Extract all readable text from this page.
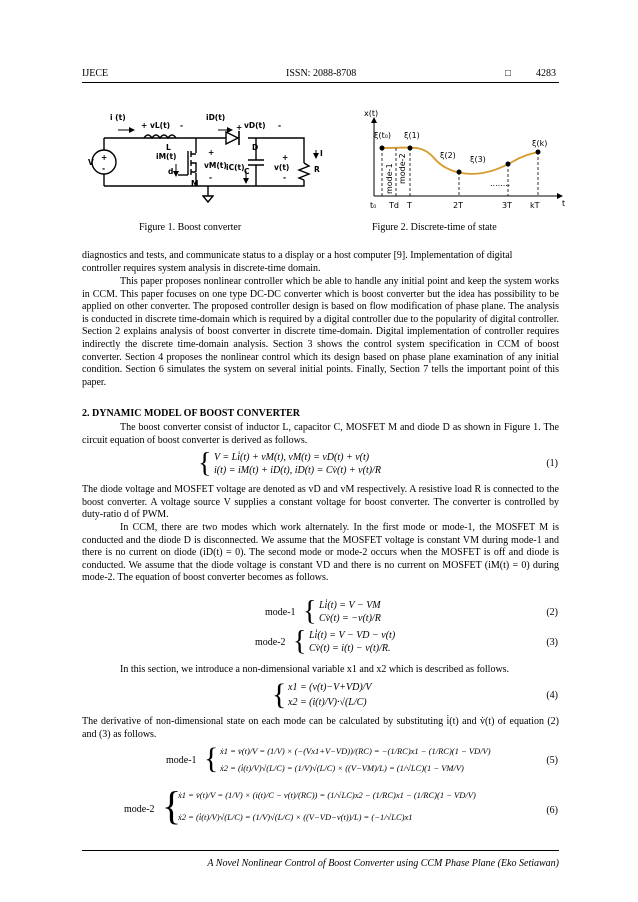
IJECE	ISSN: 2088-8708	□ 4283
i (t)
vL(t)
+	-
iD(t)
+ vD(t) -
L	D
iM(t)	+
vM(t)
-
d
M
iC(t) C
+
v(t)
-
R
I
V
+
-
Figure 1. Boost converter
x(t)
ξ(t₀) ξ(1)
ξ(2) ξ(3)
ξ(k)
........
mode-1 mode-2
t₀ Td T	2T	3T kT	t
Figure 2. Discrete-time of state
diagnostics and tests, and communicate status to a display or a host computer [9]. Implementation of digital
controller requires system analysis in discrete-time domain.

This paper proposes nonlinear controller which be able to handle any initial point and keep the system works in CCM. This paper focuses on one type DC-DC converter which is boost converter but the idea has possibility to be applied on other converter. The proposed controller design is based on flow modification of phase plane. The analysis is conducted in discrete time-domain which is required by a digital controller due to the popularity of digital controller. Section 2 explains analysis of boost converter in discrete time-domain. Digital implementation of controller requires indirectly the discrete time-domain analysis. Section 3 shows the control system specification in CCM of boost converter. Section 4 proposes the nonlinear control which its design based on phase plane examination of any initial condition. Section 6 simulates the system on several initial points. Finally, Section 7 tells the important point of this paper.

2. DYNAMIC MODEL OF BOOST CONVERTER

The boost converter consist of inductor L, capacitor C, MOSFET M and diode D as shown in Figure 1. The circuit equation of boost converter is derived as follows.

{ V = Li̇(t) + vM(t), vM(t) = vD(t) + v(t)
i(t) = iM(t) + iD(t), iD(t) = Cv̇(t) + v(t)/R
(1)

The diode voltage and MOSFET voltage are denoted as vD and vM respectively. A resistive load R is connected to the boost converter. A voltage source V supplies a constant voltage for boost converter. The converter is controlled by duty-ratio d of PWM.

In CCM, there are two modes which work alternately. In the first mode or mode-1, the MOSFET M is conducted and the diode D is disconnected. We assume that the MOSFET voltage is constant VM during mode-1 and there is no current on diode (iD(t) = 0). The second mode or mode-2 occurs when the MOSFET is off and diode is conducted. We assume that the diode voltage is constant VD and there is no current on MOSFET (iM(t) = 0) during mode-2. The equation of boost converter becomes as follows.

mode-1 { Li̇(t) = V − VM
Cv̇(t) = −v(t)/R
(2)
mode-2 { Li̇(t) = V − VD − v(t)
Cv̇(t) = i(t) − v(t)/R.
(3)

In this section, we introduce a non-dimensional variable x1 and x2 which is described as follows.

{ x1 = (v(t)−V+VD)/V
x2 = (i(t)/V)·√(L/C)
(4)

The derivative of non-dimensional state on each mode can be calculated by substituting i̇(t) and v̇(t) of equation (2) and (3) as follows.

mode-1 { ẋ1 = v̇(t)/V = (1/V) × (−(Vx1+V−VD))/(RC) = −(1/RC)x1 − (1/RC)(1 − VD/V)
ẋ2 = (i̇(t)/V)√(L/C) = (1/V)√(L/C) × ((V−VM)/L) = (1/√LC)(1 − VM/V)
(5)
mode-2 {
ẋ1 = v̇(t)/V = (1/V) × (i(t)/C − v(t)/(RC)) = (1/√LC)x2 − (1/RC)x1 − (1/RC)(1 − VD/V)
ẋ2 = (i̇(t)/V)√(L/C) = (1/V)√(L/C) × ((V−VD−v(t))/L) = (−1/√LC)x1
(6)
A Novel Nonlinear Control of Boost Converter using CCM Phase Plane (Eko Setiawan)
